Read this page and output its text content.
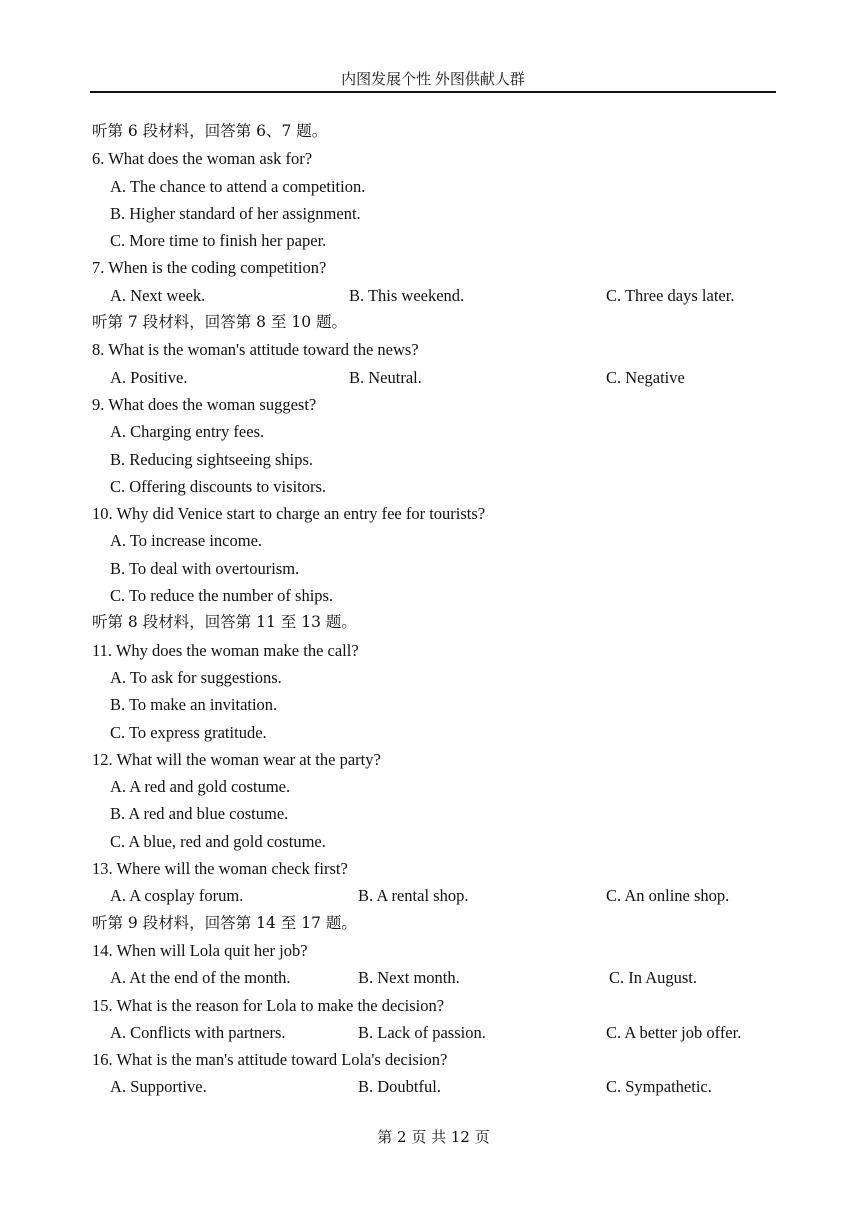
内图发展个性 外图供献人群
听第 6 段材料，回答第 6、7 题。
6. What does the woman ask for?
A. The chance to attend a competition.
B. Higher standard of her assignment.
C. More time to finish her paper.
7. When is the coding competition?
A. Next week.	B. This weekend.	C. Three days later.
听第 7 段材料，回答第 8 至 10 题。
8. What is the woman's attitude toward the news?
A. Positive.	B. Neutral.	C. Negative
9. What does the woman suggest?
A. Charging entry fees.
B. Reducing sightseeing ships.
C. Offering discounts to visitors.
10. Why did Venice start to charge an entry fee for tourists?
A. To increase income.
B. To deal with overtourism.
C. To reduce the number of ships.
听第 8 段材料，回答第 11 至 13 题。
11. Why does the woman make the call?
A. To ask for suggestions.
B. To make an invitation.
C. To express gratitude.
12. What will the woman wear at the party?
A. A red and gold costume.
B. A red and blue costume.
C. A blue, red and gold costume.
13. Where will the woman check first?
A. A cosplay forum.	B. A rental shop.	C. An online shop.
听第 9 段材料，回答第 14 至 17 题。
14. When will Lola quit her job?
A. At the end of the month.	B. Next month.	C. In August.
15. What is the reason for Lola to make the decision?
A. Conflicts with partners.	B. Lack of passion.	C. A better job offer.
16. What is the man's attitude toward Lola's decision?
A. Supportive.	B. Doubtful.	C. Sympathetic.
第 2 页 共 12 页
